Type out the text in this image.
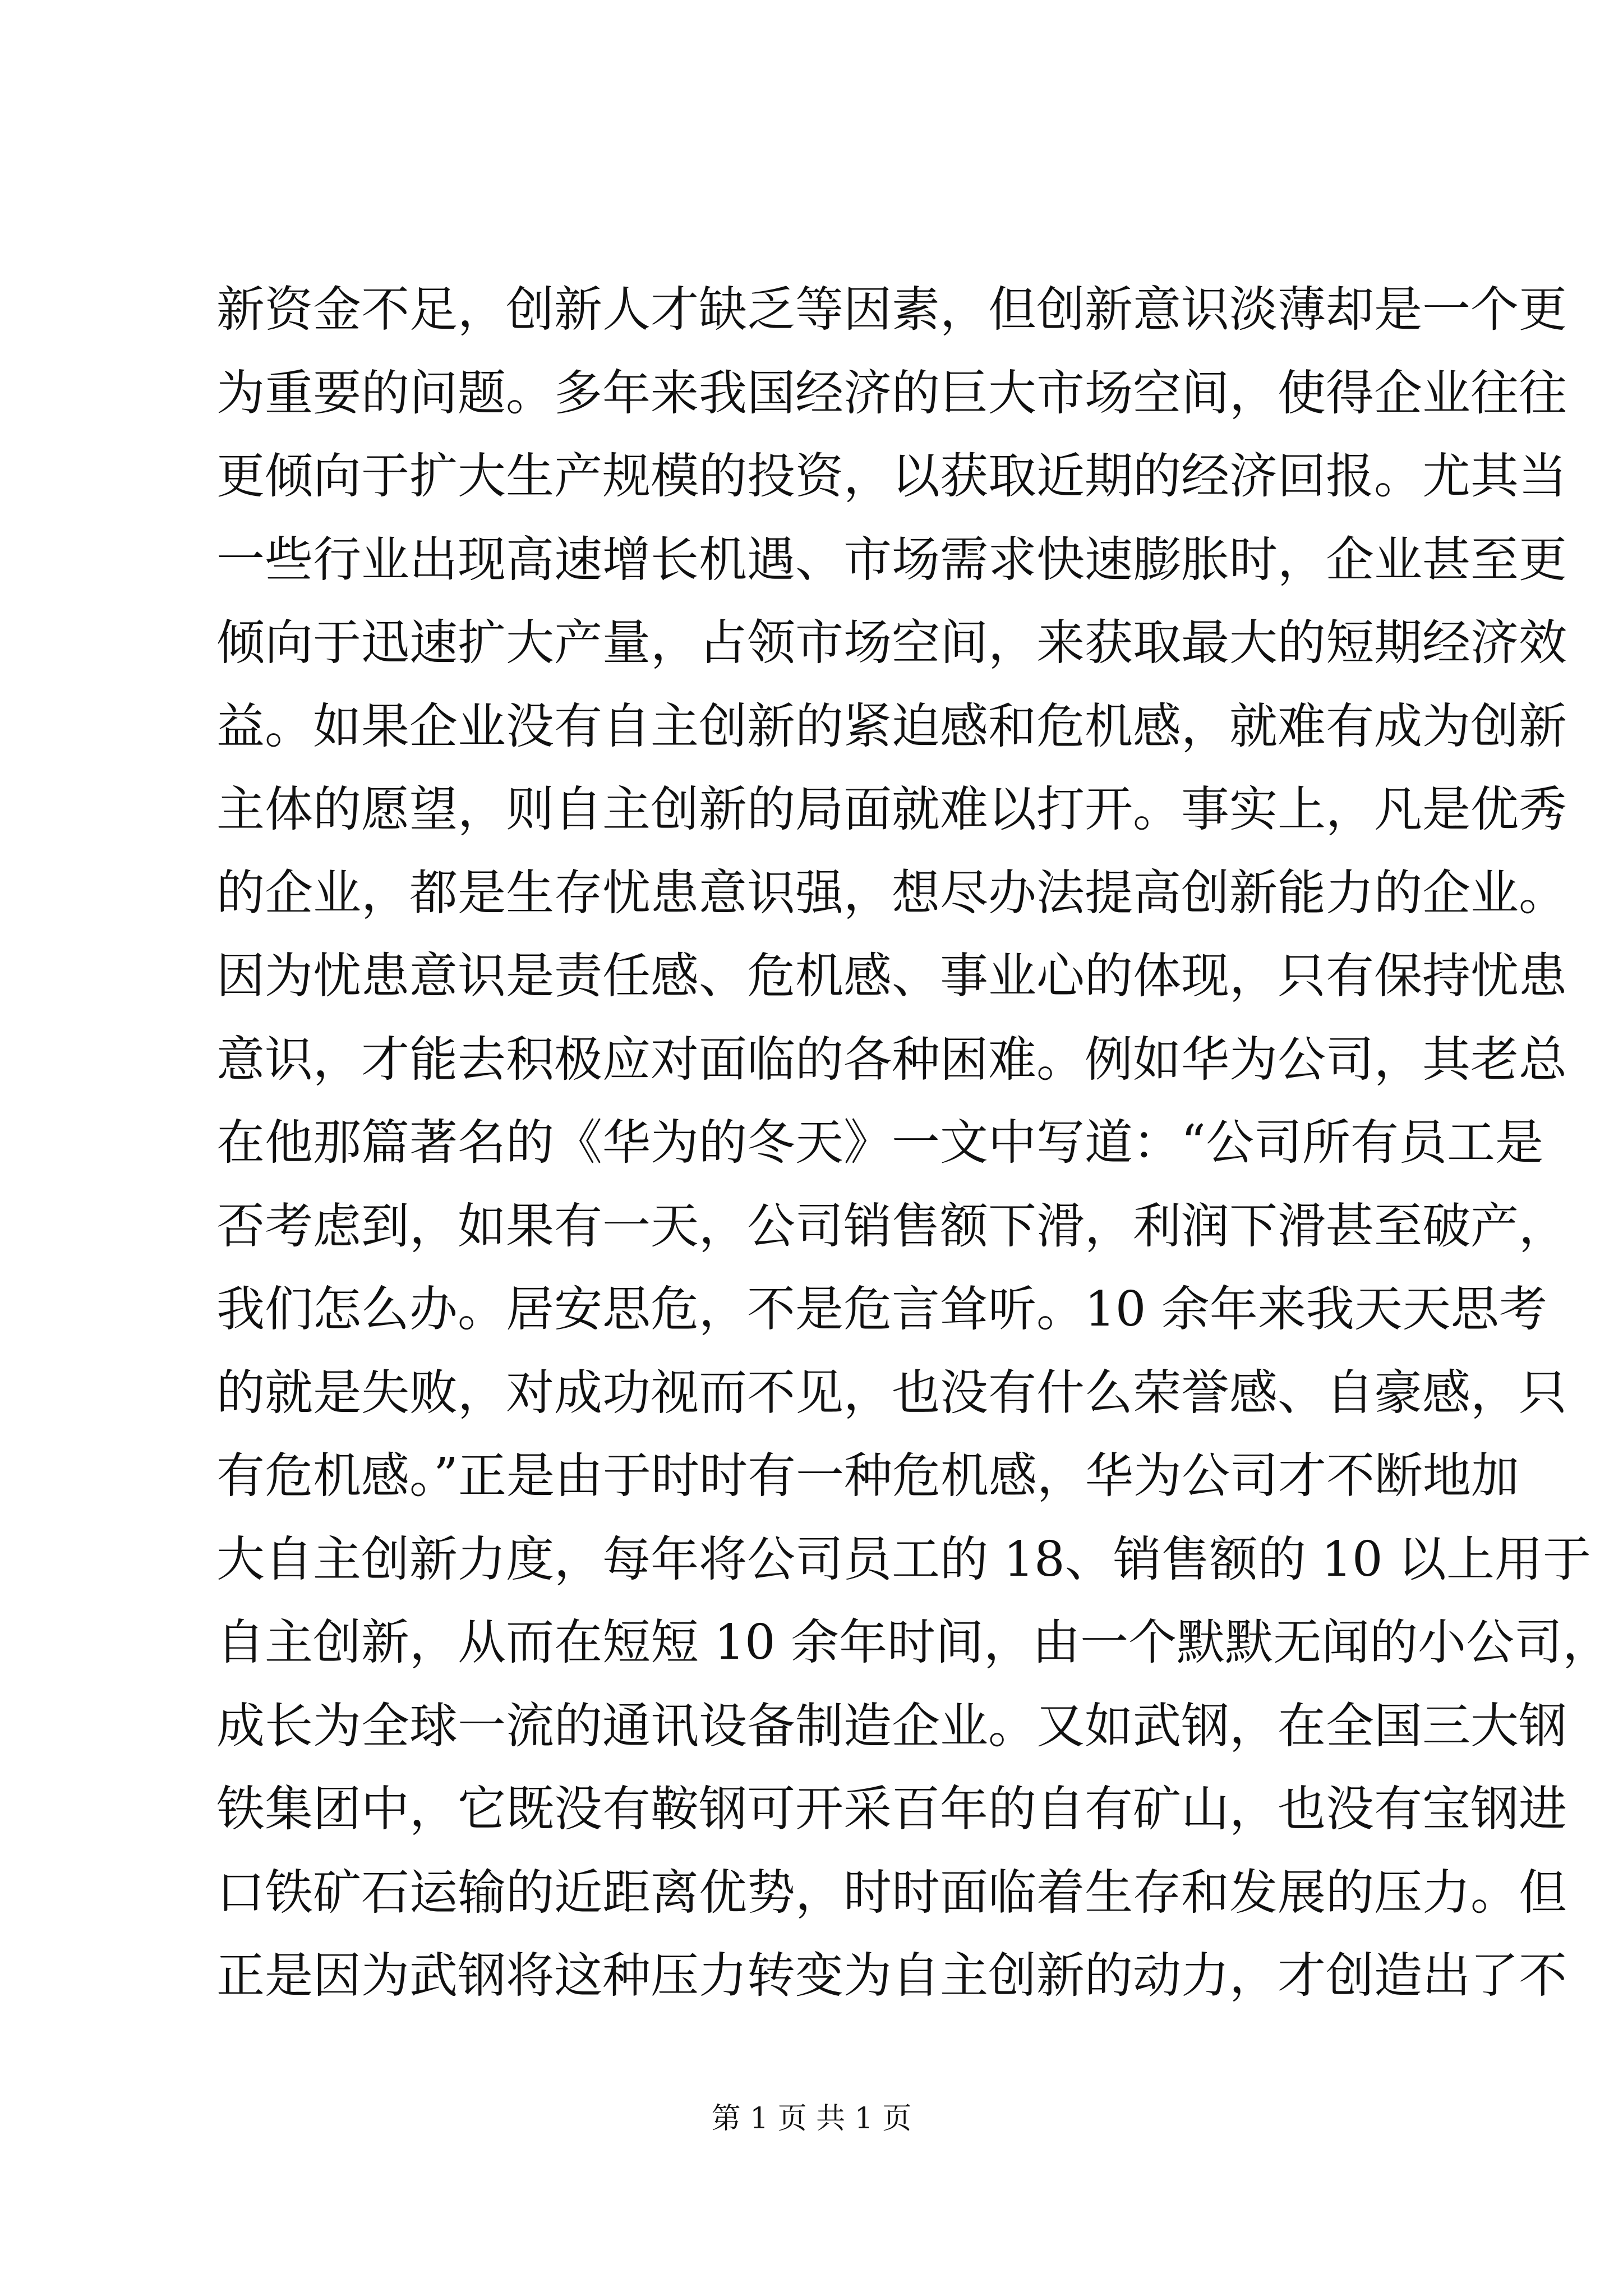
新资金不足，创新人才缺乏等因素，但创新意识淡薄却是一个更
为重要的问题。多年来我国经济的巨大市场空间，使得企业往往
更倾向于扩大生产规模的投资，以获取近期的经济回报。尤其当
一些行业出现高速增长机遇、市场需求快速膨胀时，企业甚至更
倾向于迅速扩大产量，占领市场空间，来获取最大的短期经济效
益。如果企业没有自主创新的紧迫感和危机感，就难有成为创新
主体的愿望，则自主创新的局面就难以打开。事实上，凡是优秀
的企业，都是生存忧患意识强，想尽办法提高创新能力的企业。
因为忧患意识是责任感、危机感、事业心的体现，只有保持忧患
意识，才能去积极应对面临的各种困难。例如华为公司，其老总
在他那篇著名的《华为的冬天》一文中写道：“公司所有员工是
否考虑到，如果有一天，公司销售额下滑，利润下滑甚至破产，
我们怎么办。居安思危，不是危言耸听。10 余年来我天天思考
的就是失败，对成功视而不见，也没有什么荣誉感、自豪感，只
有危机感。”正是由于时时有一种危机感，华为公司才不断地加
大自主创新力度，每年将公司员工的 18、销售额的 10 以上用于
自主创新，从而在短短 10 余年时间，由一个默默无闻的小公司，
成长为全球一流的通讯设备制造企业。又如武钢，在全国三大钢
铁集团中，它既没有鞍钢可开采百年的自有矿山，也没有宝钢进
口铁矿石运输的近距离优势，时时面临着生存和发展的压力。但
正是因为武钢将这种压力转变为自主创新的动力，才创造出了不
第 1 页 共 1 页
